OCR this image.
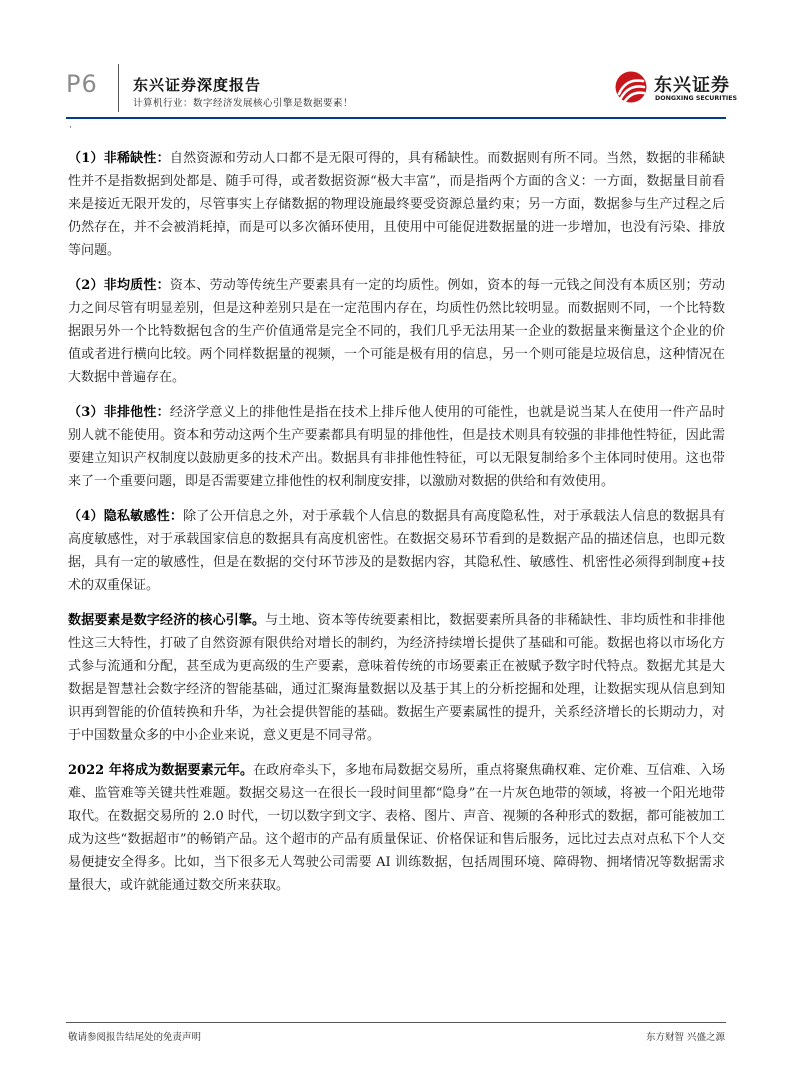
P6 东兴证券深度报告
计算机行业：数字经济发展核心引擎是数据要素！
东兴证券
DONGXING SECURITIES
·

（1）非稀缺性：自然资源和劳动人口都不是无限可得的，具有稀缺性。而数据则有所不同。当然，数据的非稀缺性并不是指数据到处都是、随手可得，或者数据资源“极大丰富”，而是指两个方面的含义：一方面，数据量目前看来是接近无限开发的，尽管事实上存储数据的物理设施最终要受资源总量约束；另一方面，数据参与生产过程之后仍然存在，并不会被消耗掉，而是可以多次循环使用，且使用中可能促进数据量的进一步增加，也没有污染、排放等问题。

（2）非均质性：资本、劳动等传统生产要素具有一定的均质性。例如，资本的每一元钱之间没有本质区别；劳动力之间尽管有明显差别，但是这种差别只是在一定范围内存在，均质性仍然比较明显。而数据则不同，一个比特数据跟另外一个比特数据包含的生产价值通常是完全不同的，我们几乎无法用某一企业的数据量来衡量这个企业的价值或者进行横向比较。两个同样数据量的视频，一个可能是极有用的信息，另一个则可能是垃圾信息，这种情况在大数据中普遍存在。

（3）非排他性：经济学意义上的排他性是指在技术上排斥他人使用的可能性，也就是说当某人在使用一件产品时别人就不能使用。资本和劳动这两个生产要素都具有明显的排他性，但是技术则具有较强的非排他性特征，因此需要建立知识产权制度以鼓励更多的技术产出。数据具有非排他性特征，可以无限复制给多个主体同时使用。这也带来了一个重要问题，即是否需要建立排他性的权利制度安排，以激励对数据的供给和有效使用。

（4）隐私敏感性：除了公开信息之外，对于承载个人信息的数据具有高度隐私性，对于承载法人信息的数据具有高度敏感性，对于承载国家信息的数据具有高度机密性。在数据交易环节看到的是数据产品的描述信息，也即元数据，具有一定的敏感性，但是在数据的交付环节涉及的是数据内容，其隐私性、敏感性、机密性必须得到制度+技术的双重保证。

数据要素是数字经济的核心引擎。与土地、资本等传统要素相比，数据要素所具备的非稀缺性、非均质性和非排他性这三大特性，打破了自然资源有限供给对增长的制约，为经济持续增长提供了基础和可能。数据也将以市场化方式参与流通和分配，甚至成为更高级的生产要素，意味着传统的市场要素正在被赋予数字时代特点。数据尤其是大数据是智慧社会数字经济的智能基础，通过汇聚海量数据以及基于其上的分析挖掘和处理，让数据实现从信息到知识再到智能的价值转换和升华，为社会提供智能的基础。数据生产要素属性的提升，关系经济增长的长期动力，对于中国数量众多的中小企业来说，意义更是不同寻常。

2022 年将成为数据要素元年。在政府牵头下，多地布局数据交易所，重点将聚焦确权难、定价难、互信难、入场难、监管难等关键共性难题。数据交易这一在很长一段时间里都“隐身”在一片灰色地带的领域，将被一个阳光地带取代。在数据交易所的 2.0 时代，一切以数字到文字、表格、图片、声音、视频的各种形式的数据，都可能被加工成为这些“数据超市”的畅销产品。这个超市的产品有质量保证、价格保证和售后服务，远比过去点对点私下个人交易便捷安全得多。比如，当下很多无人驾驶公司需要 AI 训练数据，包括周围环境、障碍物、拥堵情况等数据需求量很大，或许就能通过数交所来获取。

敬请参阅报告结尾处的免责声明	东方财智 兴盛之源
